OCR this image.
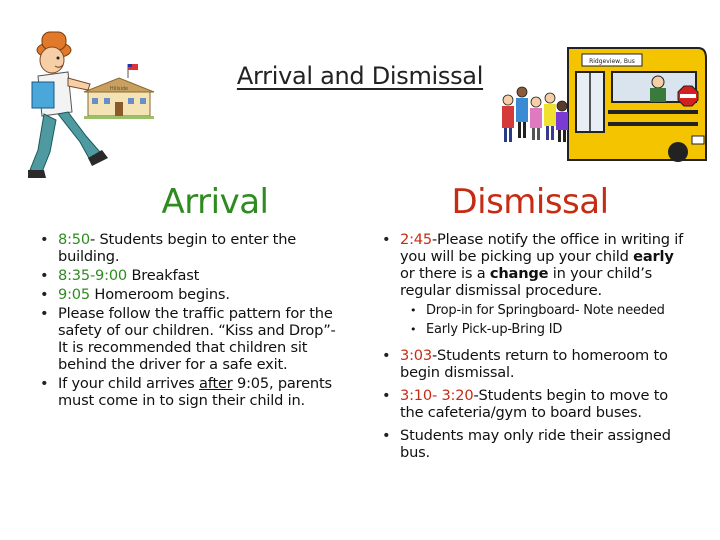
Hillside
Ridgeview, Bus
Arrival and Dismissal
Arrival	Dismissal
• 8:50- Students begin to enter the building.
• 8:35-9:00 Breakfast
• 9:05 Homeroom begins.
• Please follow the traffic pattern for the safety of our children. “Kiss and Drop”- It is recommended that children sit behind the driver for a safe exit.
• If your child arrives after 9:05, parents must come in to sign their child in.
• 2:45-Please notify the office in writing if you will be picking up your child early or there is a change in your child’s regular dismissal procedure.
• Drop-in for Springboard- Note needed
• Early Pick-up-Bring ID
• 3:03-Students return to homeroom to begin dismissal.
• 3:10- 3:20-Students begin to move to the cafeteria/gym to board buses.
• Students may only ride their assigned bus.
